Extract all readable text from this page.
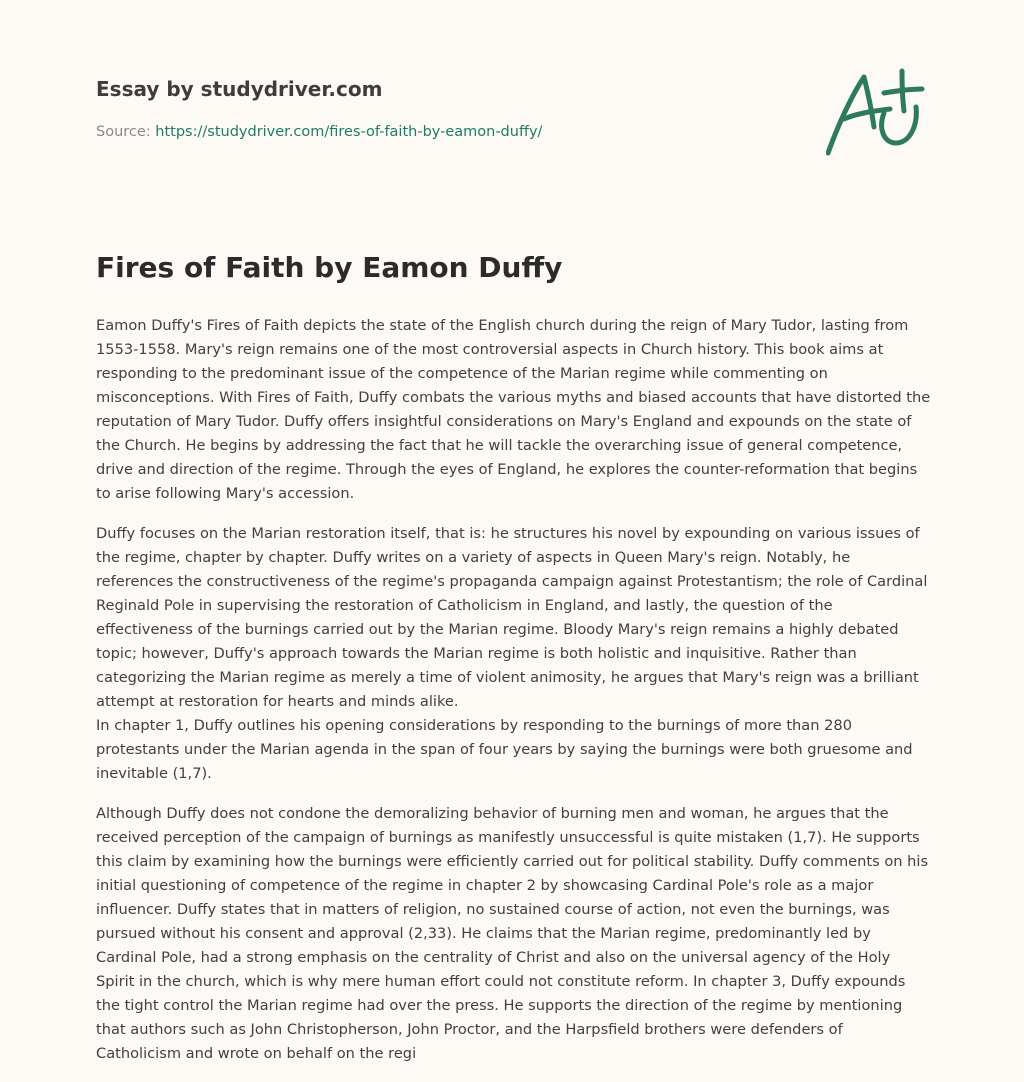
Essay by studydriver.com

Source: https://studydriver.com/fires-of-faith-by-eamon-duffy/

Fires of Faith by Eamon Duffy

Eamon Duffy's Fires of Faith depicts the state of the English church during the reign of Mary Tudor, lasting from 1553-1558. Mary's reign remains one of the most controversial aspects in Church history. This book aims at responding to the predominant issue of the competence of the Marian regime while commenting on misconceptions. With Fires of Faith, Duffy combats the various myths and biased accounts that have distorted the reputation of Mary Tudor. Duffy offers insightful considerations on Mary's England and expounds on the state of the Church. He begins by addressing the fact that he will tackle the overarching issue of general competence, drive and direction of the regime. Through the eyes of England, he explores the counter-reformation that begins to arise following Mary's accession.

Duffy focuses on the Marian restoration itself, that is: he structures his novel by expounding on various issues of the regime, chapter by chapter. Duffy writes on a variety of aspects in Queen Mary's reign. Notably, he references the constructiveness of the regime's propaganda campaign against Protestantism; the role of Cardinal Reginald Pole in supervising the restoration of Catholicism in England, and lastly, the question of the effectiveness of the burnings carried out by the Marian regime. Bloody Mary's reign remains a highly debated topic; however, Duffy's approach towards the Marian regime is both holistic and inquisitive. Rather than categorizing the Marian regime as merely a time of violent animosity, he argues that Mary's reign was a brilliant attempt at restoration for hearts and minds alike.

In chapter 1, Duffy outlines his opening considerations by responding to the burnings of more than 280 protestants under the Marian agenda in the span of four years by saying the burnings were both gruesome and inevitable (1,7).

Although Duffy does not condone the demoralizing behavior of burning men and woman, he argues that the received perception of the campaign of burnings as manifestly unsuccessful is quite mistaken (1,7). He supports this claim by examining how the burnings were efficiently carried out for political stability. Duffy comments on his initial questioning of competence of the regime in chapter 2 by showcasing Cardinal Pole's role as a major influencer. Duffy states that in matters of religion, no sustained course of action, not even the burnings, was pursued without his consent and approval (2,33). He claims that the Marian regime, predominantly led by Cardinal Pole, had a strong emphasis on the centrality of Christ and also on the universal agency of the Holy Spirit in the church, which is why mere human effort could not constitute reform. In chapter 3, Duffy expounds the tight control the Marian regime had over the press. He supports the direction of the regime by mentioning that authors such as John Christopherson, John Proctor, and the Harpsfield brothers were defenders of Catholicism and wrote on behalf on the regi
